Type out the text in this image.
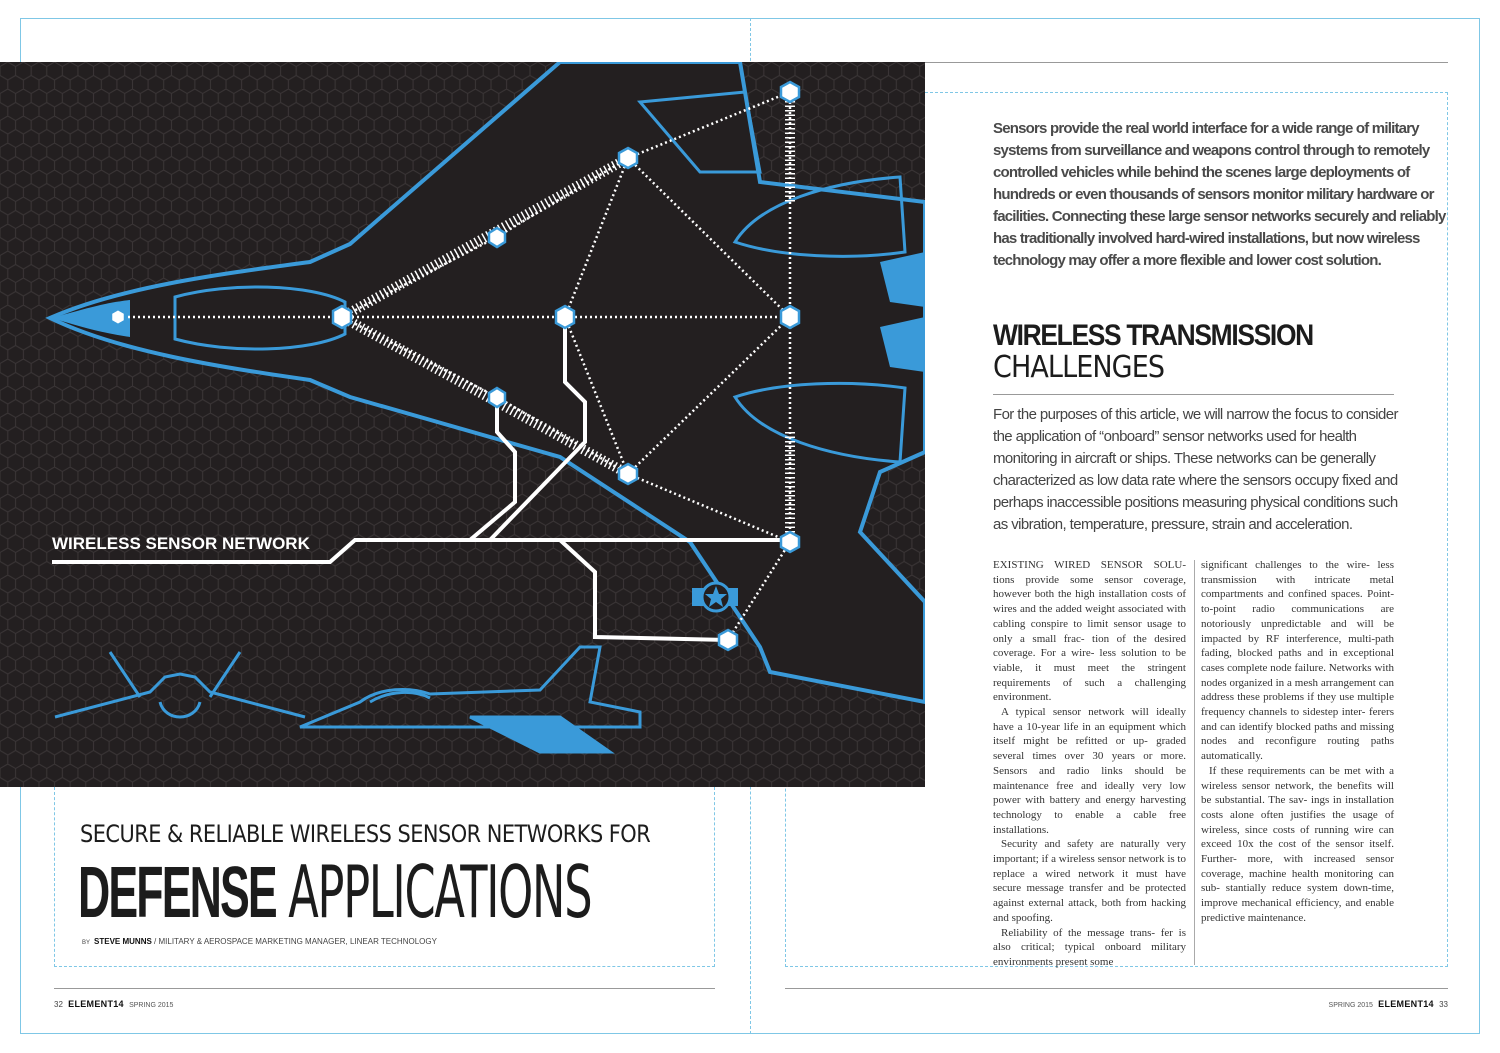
WIRELESS SENSOR NETWORK
SECURE & RELIABLE WIRELESS SENSOR NETWORKS FOR
DEFENSE APPLICATIONS
BY STEVE MUNNS / MILITARY & AEROSPACE MARKETING MANAGER, LINEAR TECHNOLOGY
Sensors provide the real world interface for a wide range of military systems from surveillance and weapons control through to remotely controlled vehicles while behind the scenes large deployments of hundreds or even thousands of sensors monitor military hardware or facilities. Connecting these large sensor networks securely and reliably has traditionally involved hard-wired installations, but now wireless technology may offer a more flexible and lower cost solution.
WIRELESS TRANSMISSION
CHALLENGES
For the purposes of this article, we will narrow the focus to consider the application of “onboard” sensor networks used for health monitoring in aircraft or ships. These networks can be generally characterized as low data rate where the sensors occupy fixed and perhaps inaccessible positions measuring physical conditions such as vibration, temperature, pressure, strain and acceleration.

EXISTING WIRED SENSOR SOLU- tions provide some sensor coverage, however both the high installation costs of wires and the added weight associated with cabling conspire to limit sensor usage to only a small frac- tion of the desired coverage. For a wire- less solution to be viable, it must meet the stringent requirements of such a challenging environment.

A typical sensor network will ideally have a 10-year life in an equipment which itself might be refitted or up- graded several times over 30 years or more. Sensors and radio links should be maintenance free and ideally very low power with battery and energy harvesting technology to enable a cable free installations.

Security and safety are naturally very important; if a wireless sensor network is to replace a wired network it must have secure message transfer and be protected against external attack, both from hacking and spoofing.

Reliability of the message trans- fer is also critical; typical onboard military environments present some

significant challenges to the wire- less transmission with intricate metal compartments and confined spaces. Point-to-point radio communications are notoriously unpredictable and will be impacted by RF interference, multi-path fading, blocked paths and in exceptional cases complete node failure. Networks with nodes organized in a mesh arrangement can address these problems if they use multiple frequency channels to sidestep inter- ferers and can identify blocked paths and missing nodes and reconfigure routing paths automatically.

If these requirements can be met with a wireless sensor network, the benefits will be substantial. The sav- ings in installation costs alone often justifies the usage of wireless, since costs of running wire can exceed 10x the cost of the sensor itself. Further- more, with increased sensor coverage, machine health monitoring can sub- stantially reduce system down-time, improve mechanical efficiency, and enable predictive maintenance.

32 ELEMENT14 SPRING 2015	SPRING 2015 ELEMENT14 33
